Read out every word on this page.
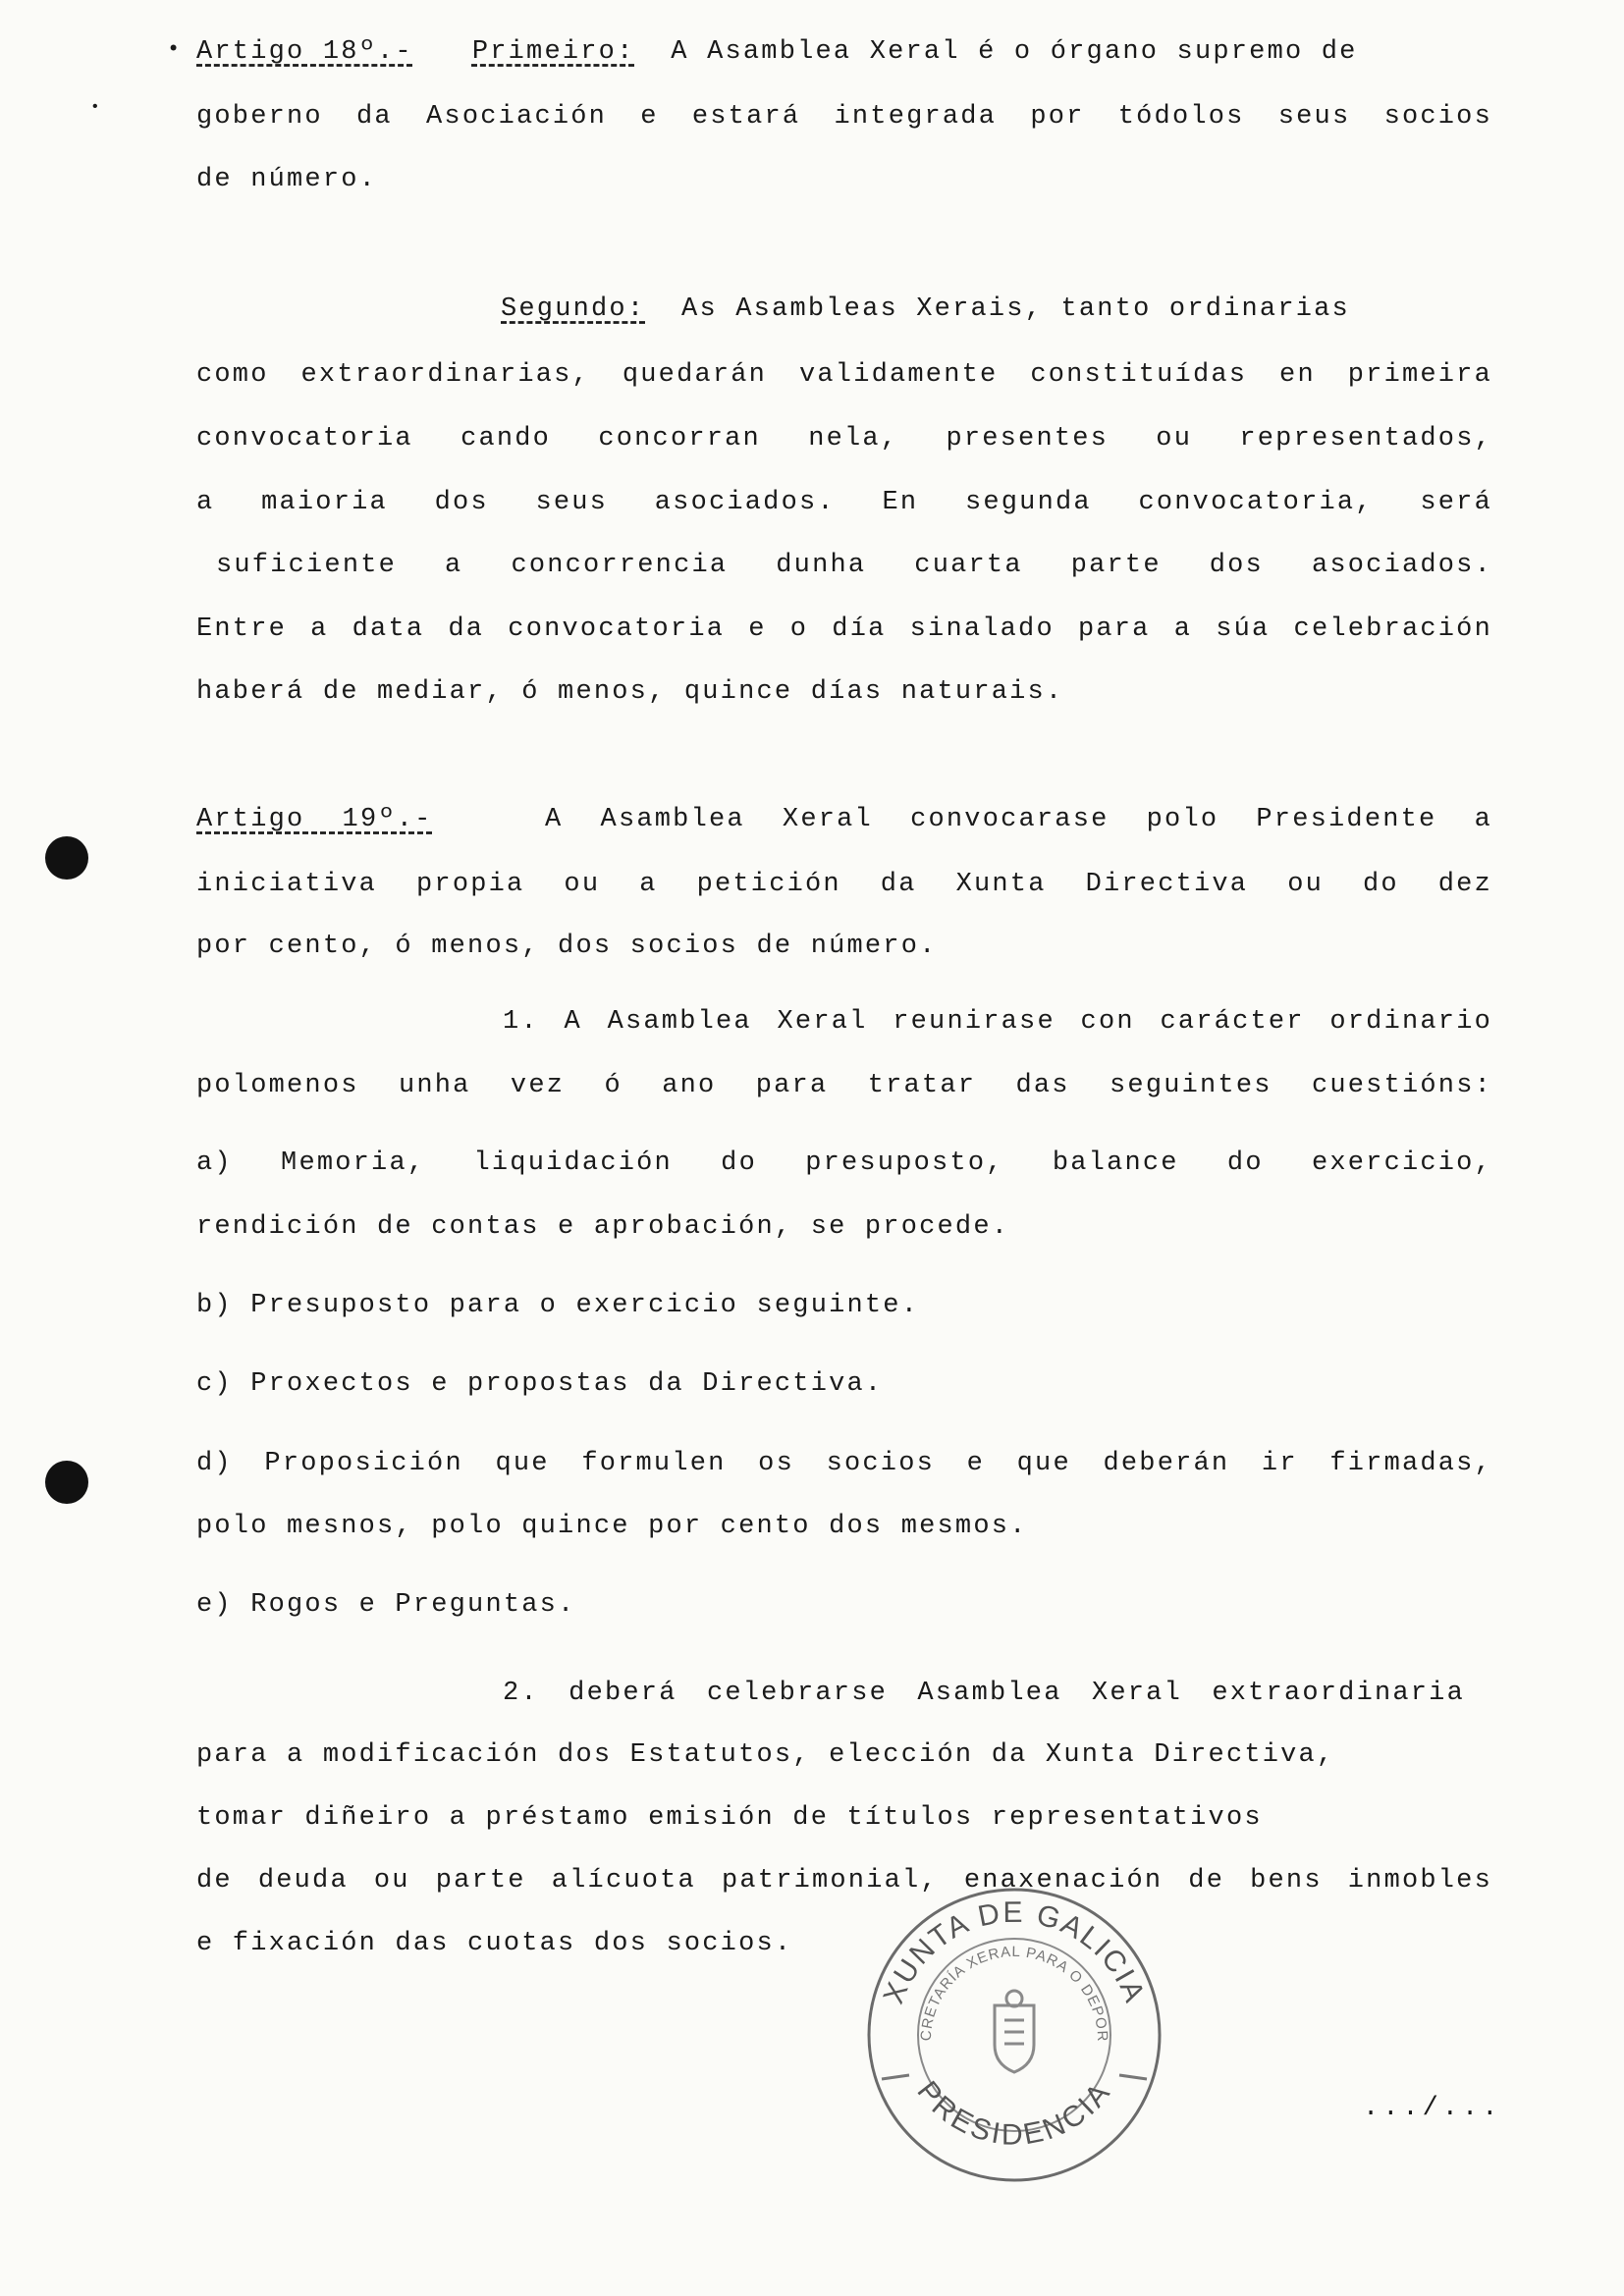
•
•
Artigo 18º.- Primeiro: A Asamblea Xeral é o órgano supremo de
goberno da Asociación e estará integrada por tódolos seus socios
de número.
Segundo: As Asambleas Xerais, tanto ordinarias
como extraordinarias, quedarán validamente constituídas en primeira
convocatoria cando concorran nela, presentes ou representados,
a maioria dos seus asociados. En segunda convocatoria, será
suficiente a concorrencia dunha cuarta parte dos asociados.
Entre a data da convocatoria e o día sinalado para a súa celebración
haberá de mediar, ó menos, quince días naturais.
Artigo 19º.-	A Asamblea Xeral convocarase polo Presidente a
iniciativa propia ou a petición da Xunta Directiva ou do dez
por cento, ó menos, dos socios de número.
1. A Asamblea Xeral reunirase con carácter ordinario
polomenos unha vez ó ano para tratar das seguintes cuestións:
a) Memoria, liquidación do presuposto, balance do exercicio,
rendición de contas e aprobación, se procede.
b) Presuposto para o exercicio seguinte.
c) Proxectos e propostas da Directiva.
d) Proposición que formulen os socios e que deberán ir firmadas,
polo mesnos, polo quince por cento dos mesmos.
e) Rogos e Preguntas.
2. deberá celebrarse Asamblea Xeral extraordinaria
para a modificación dos Estatutos, elección da Xunta Directiva,
tomar diñeiro a préstamo emisión de títulos representativos
de deuda ou parte alícuota patrimonial, enaxenación de bens inmobles
e fixación das cuotas dos socios.
XUNTA DE GALICIA
CRETARÍA XERAL PARA O DEPOR
PRESIDENCIA	.../...
